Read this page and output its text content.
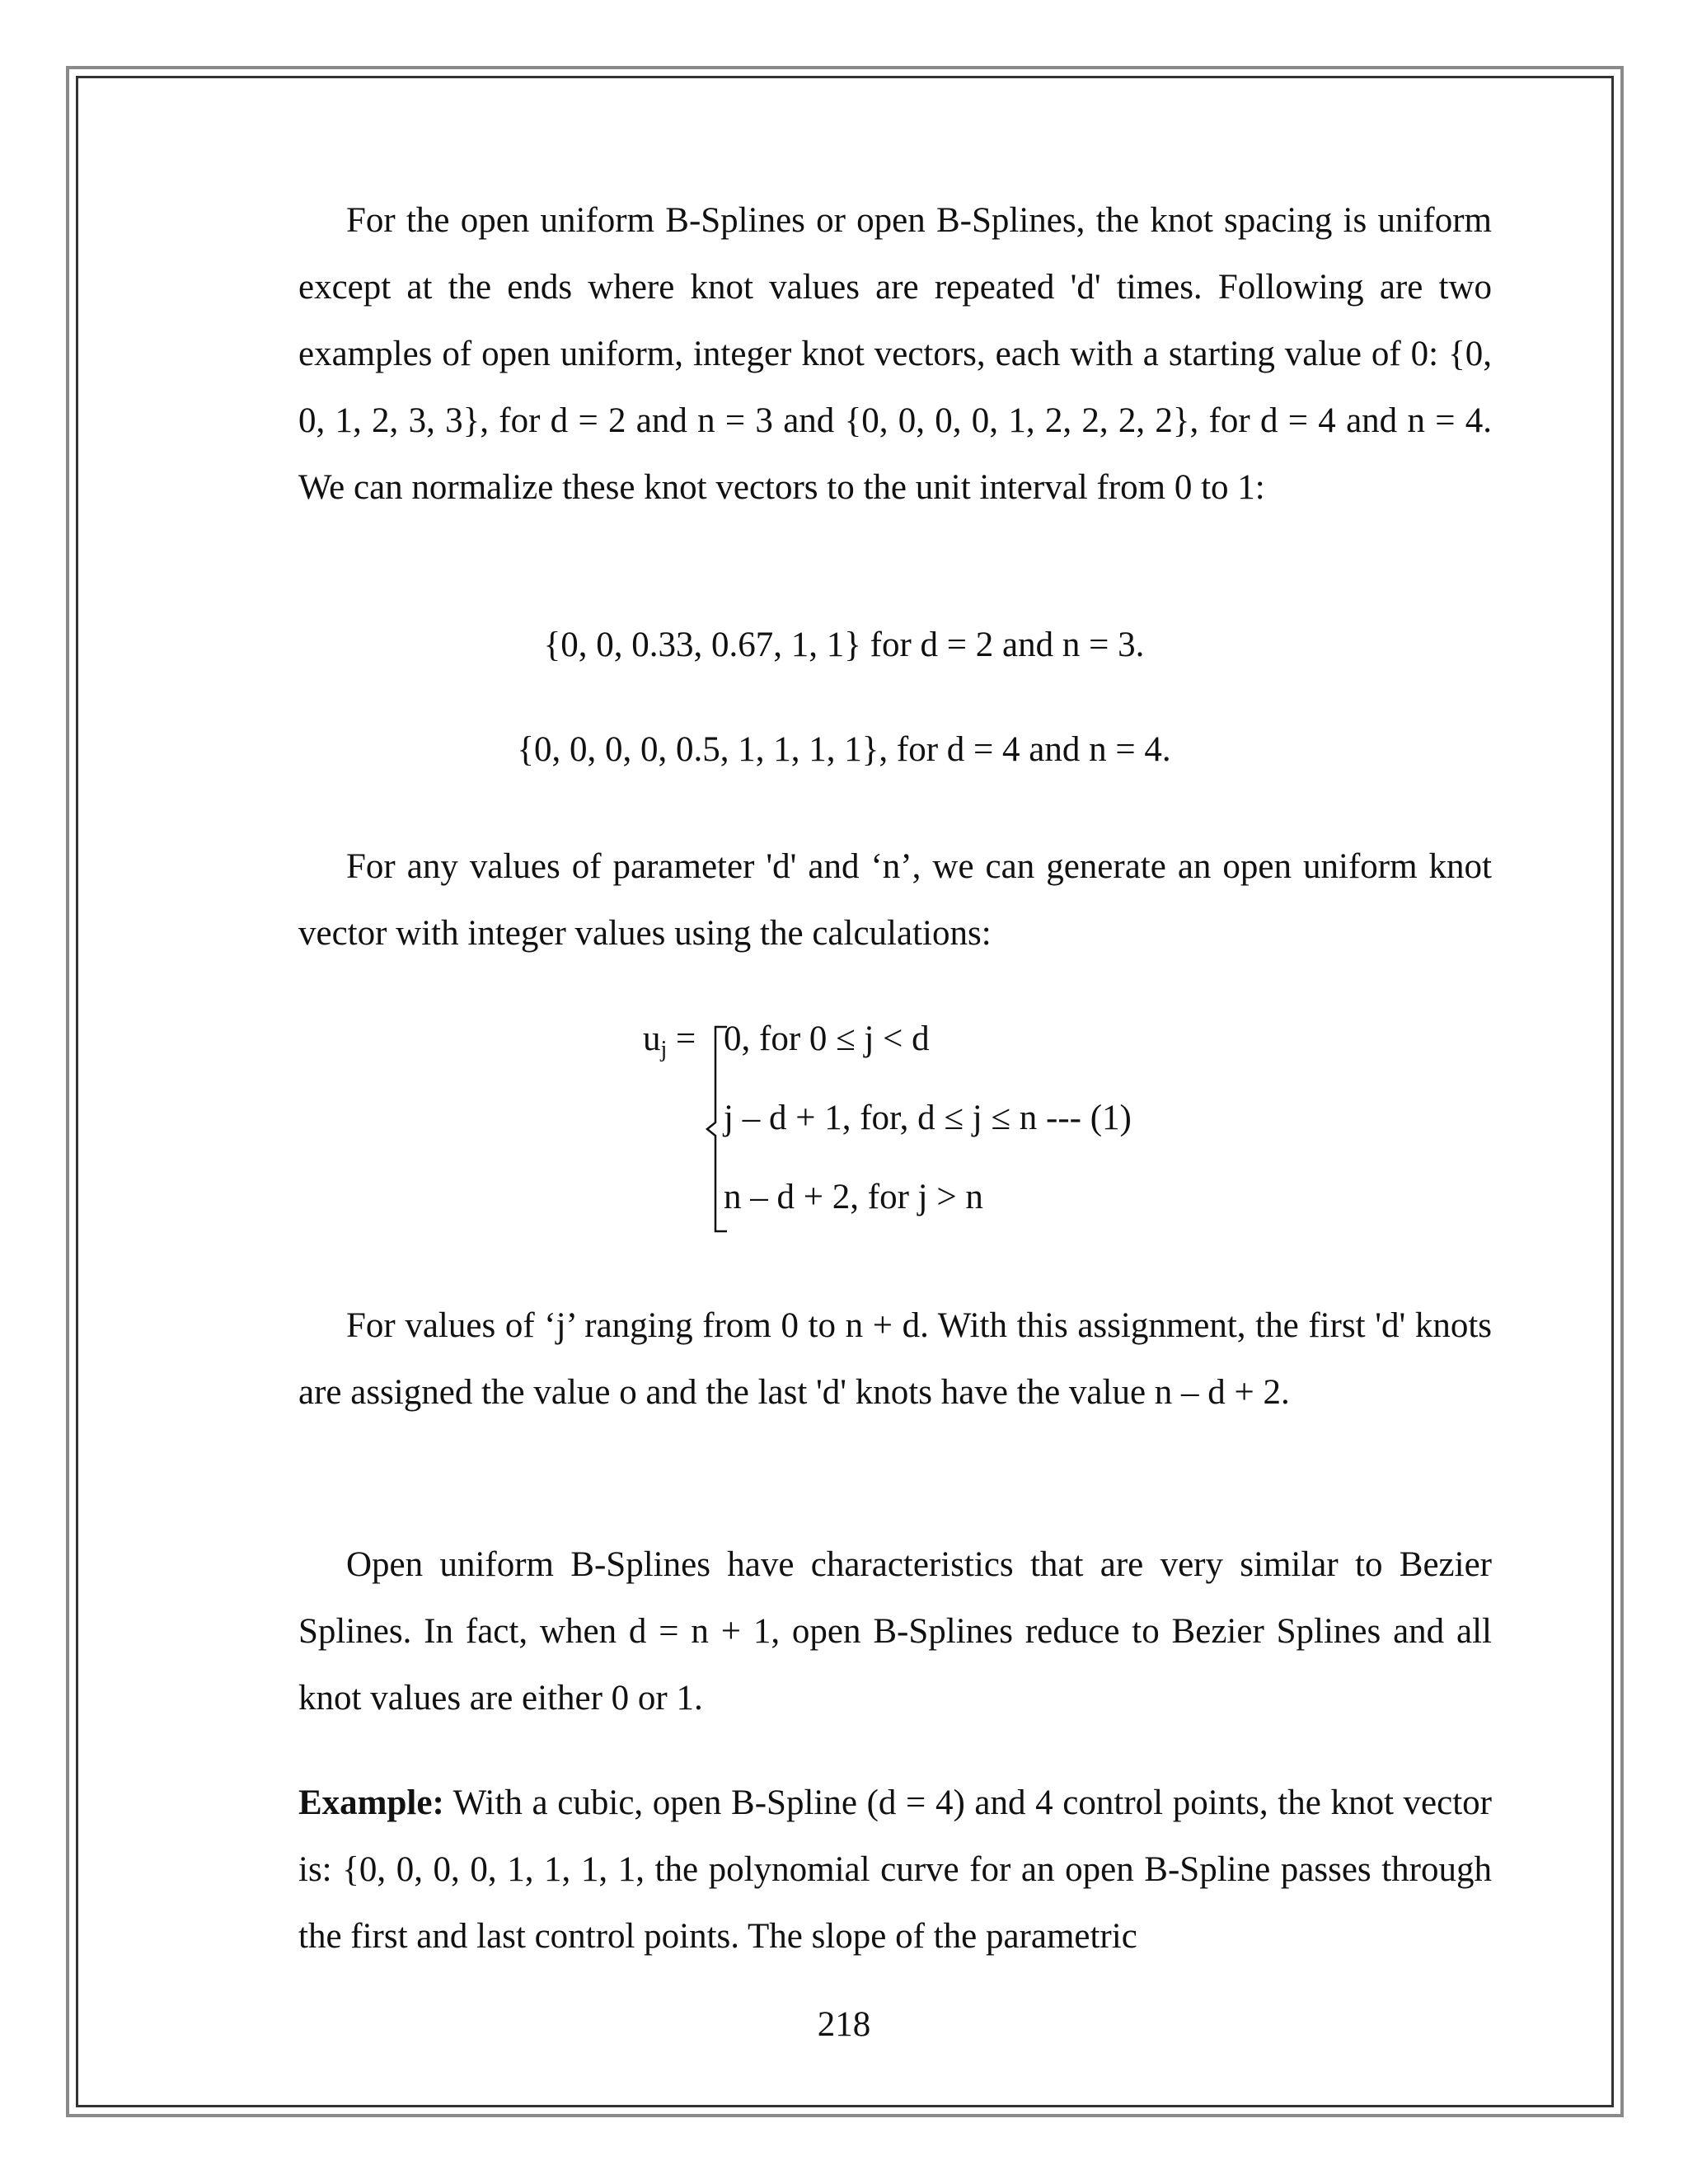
For the open uniform B-Splines or open B-Splines, the knot spacing is uniform except at the ends where knot values are repeated 'd' times. Following are two examples of open uniform, integer knot vectors, each with a starting value of 0: {0, 0, 1, 2, 3, 3}, for d = 2 and n = 3 and {0, 0, 0, 0, 1, 2, 2, 2, 2}, for d = 4 and n = 4. We can normalize these knot vectors to the unit interval from 0 to 1:

{0, 0, 0.33, 0.67, 1, 1} for d = 2 and n = 3.
{0, 0, 0, 0, 0.5, 1, 1, 1, 1}, for d = 4 and n = 4.

For any values of parameter 'd' and ‘n’, we can generate an open uniform knot vector with integer values using the calculations:

$u_j = 0$, for 0 ≤ j < d
j – d + 1, for, d ≤ j ≤ n --- (1)
n – d + 2, for j > n

For values of ‘j’ ranging from 0 to n + d. With this assignment, the first 'd' knots are assigned the value o and the last 'd' knots have the value n – d + 2.

Open uniform B-Splines have characteristics that are very similar to Bezier Splines. In fact, when d = n + 1, open B-Splines reduce to Bezier Splines and all knot values are either 0 or 1.

Example: With a cubic, open B-Spline (d = 4) and 4 control points, the knot vector is: {0, 0, 0, 0, 1, 1, 1, 1, the polynomial curve for an open B-Spline passes through the first and last control points. The slope of the parametric

218
